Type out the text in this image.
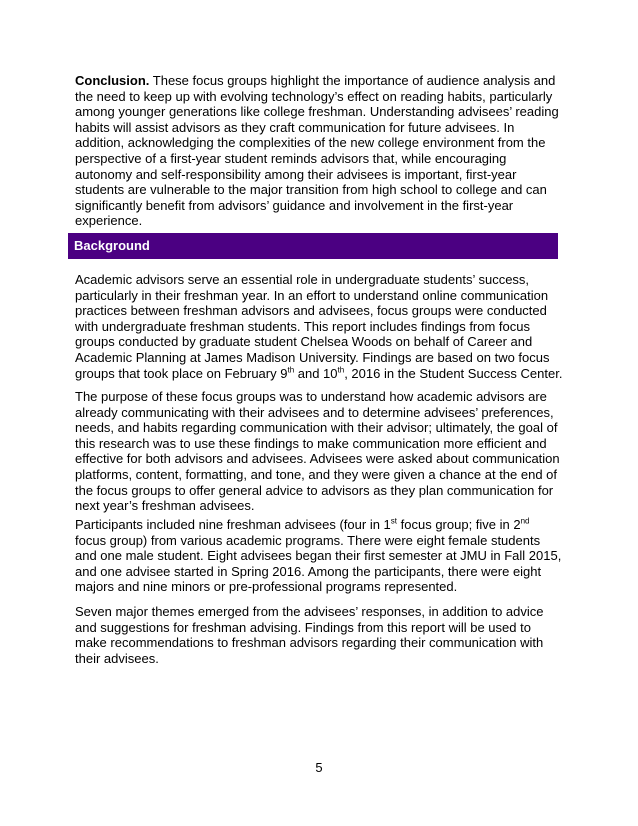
Conclusion. These focus groups highlight the importance of audience analysis and the need to keep up with evolving technology’s effect on reading habits, particularly among younger generations like college freshman. Understanding advisees’ reading habits will assist advisors as they craft communication for future advisees. In addition, acknowledging the complexities of the new college environment from the perspective of a first-year student reminds advisors that, while encouraging autonomy and self-responsibility among their advisees is important, first-year students are vulnerable to the major transition from high school to college and can significantly benefit from advisors’ guidance and involvement in the first-year experience.

Background

Academic advisors serve an essential role in undergraduate students’ success, particularly in their freshman year. In an effort to understand online communication practices between freshman advisors and advisees, focus groups were conducted with undergraduate freshman students. This report includes findings from focus groups conducted by graduate student Chelsea Woods on behalf of Career and Academic Planning at James Madison University. Findings are based on two focus groups that took place on February 9th and 10th, 2016 in the Student Success Center.

The purpose of these focus groups was to understand how academic advisors are already communicating with their advisees and to determine advisees’ preferences, needs, and habits regarding communication with their advisor; ultimately, the goal of this research was to use these findings to make communication more efficient and effective for both advisors and advisees. Advisees were asked about communication platforms, content, formatting, and tone, and they were given a chance at the end of the focus groups to offer general advice to advisors as they plan communication for next year’s freshman advisees.

Participants included nine freshman advisees (four in 1st focus group; five in 2nd focus group) from various academic programs. There were eight female students and one male student. Eight advisees began their first semester at JMU in Fall 2015, and one advisee started in Spring 2016. Among the participants, there were eight majors and nine minors or pre-professional programs represented.

Seven major themes emerged from the advisees’ responses, in addition to advice and suggestions for freshman advising. Findings from this report will be used to make recommendations to freshman advisors regarding their communication with their advisees.

5
